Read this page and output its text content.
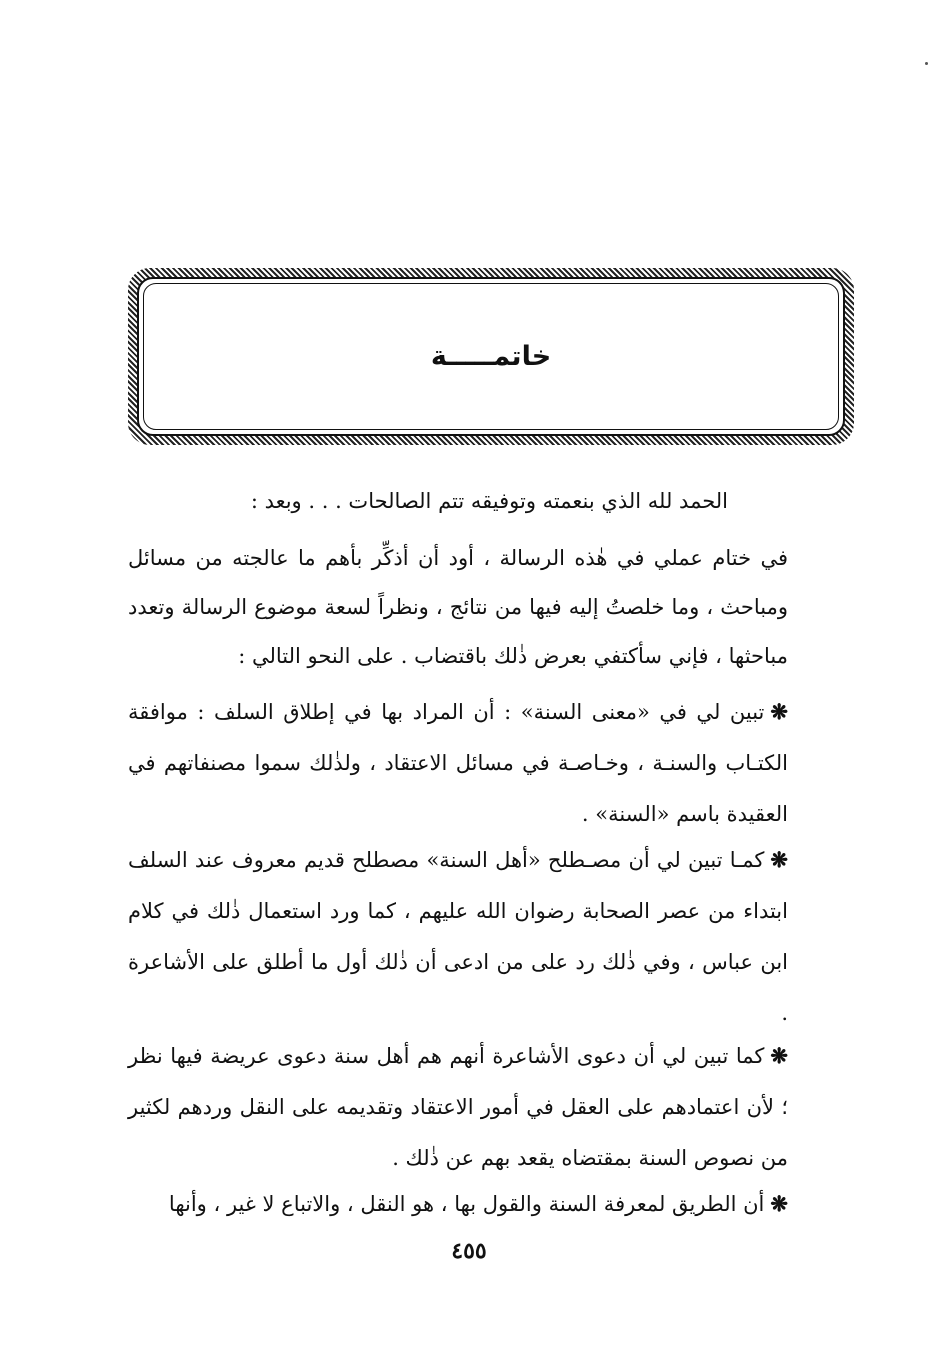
خاتمـــــة
الحمد لله الذي بنعمته وتوفيقه تتم الصالحات . . . وبعد :
في ختام عملي في هٰذه الرسالة ، أود أن أذكِّر بأهم ما عالجته من مسائل ومباحث ، وما خلصتُ إليه فيها من نتائج ، ونظراً لسعة موضوع الرسالة وتعدد مباحثها ، فإني سأكتفي بعرض ذٰلك باقتضاب . على النحو التالي :
❋تبين لي في «معنى السنة» : أن المراد بها في إطلاق السلف : موافقة الكتـاب والسنـة ، وخـاصـة في مسائل الاعتقاد ، ولذٰلك سموا مصنفاتهم في العقيدة باسم «السنة» .
❋كمـا تبين لي أن مصـطلح «أهل السنة» مصطلح قديم معروف عند السلف ابتداء من عصر الصحابة رضوان الله عليهم ، كما ورد استعمال ذٰلك في كلام ابن عباس ، وفي ذٰلك رد على من ادعى أن ذٰلك أول ما أطلق على الأشاعرة .
❋كما تبين لي أن دعوى الأشاعرة أنهم هم أهل سنة دعوى عريضة فيها نظر ؛ لأن اعتمادهم على العقل في أمور الاعتقاد وتقديمه على النقل وردهم لكثير من نصوص السنة بمقتضاه يقعد بهم عن ذٰلك .
❋أن الطريق لمعرفة السنة والقول بها ، هو النقل ، والاتباع لا غير ، وأنها
٤٥٥
